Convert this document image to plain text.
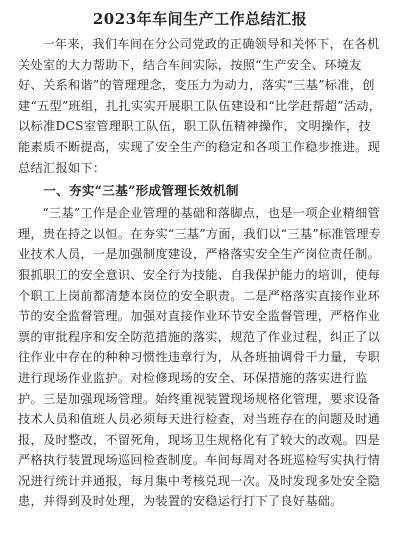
2023年车间生产工作总结汇报

一年来，我们车间在分公司党政的正确领导和关怀下，在各机关处室的大力帮助下，结合车间实际，按照“生产安全、环境友好、关系和谐”的管理理念，变压力为动力，落实“三基”标准，创建“五型”班组，扎扎实实开展职工队伍建设和“比学赶帮超”活动，以标准DCS室管理职工队伍，职工队伍精神操作，文明操作，技能素质不断提高，实现了安全生产的稳定和各项工作稳步推进。现总结汇报如下：

一、夯实“三基”形成管理长效机制

“三基”工作是企业管理的基础和落脚点，也是一项企业精细管理，贵在持之以恒。在夯实“三基”方面，我们以“三基”标准管理专业技术人员，一是加强制度建设，严格落实安全生产岗位责任制。狠抓职工的安全意识、安全行为技能、自我保护能力的培训，使每个职工上岗前都清楚本岗位的安全职责。二是严格落实直接作业环节的安全监督管理。加强对直接作业环节安全监督管理，严格作业票的审批程序和安全防范措施的落实，规范了作业过程，纠正了以往作业中存在的种种习惯性违章行为，从各班抽调骨干力量，专职进行现场作业监护。对检修现场的安全、环保措施的落实进行监护。三是加强现场管理。始终重视装置现场规格化管理，要求设备技术人员和值班人员必须每天进行检查，对当班存在的问题及时通报，及时整改，不留死角，现场卫生规格化有了较大的改观。四是严格执行装置现场巡回检查制度。车间每周对各班巡检写实执行情况进行统计并通报，每月集中考核兑现一次。及时发现多处安全隐患，并得到及时处理，为装置的安稳运行打下了良好基础。
